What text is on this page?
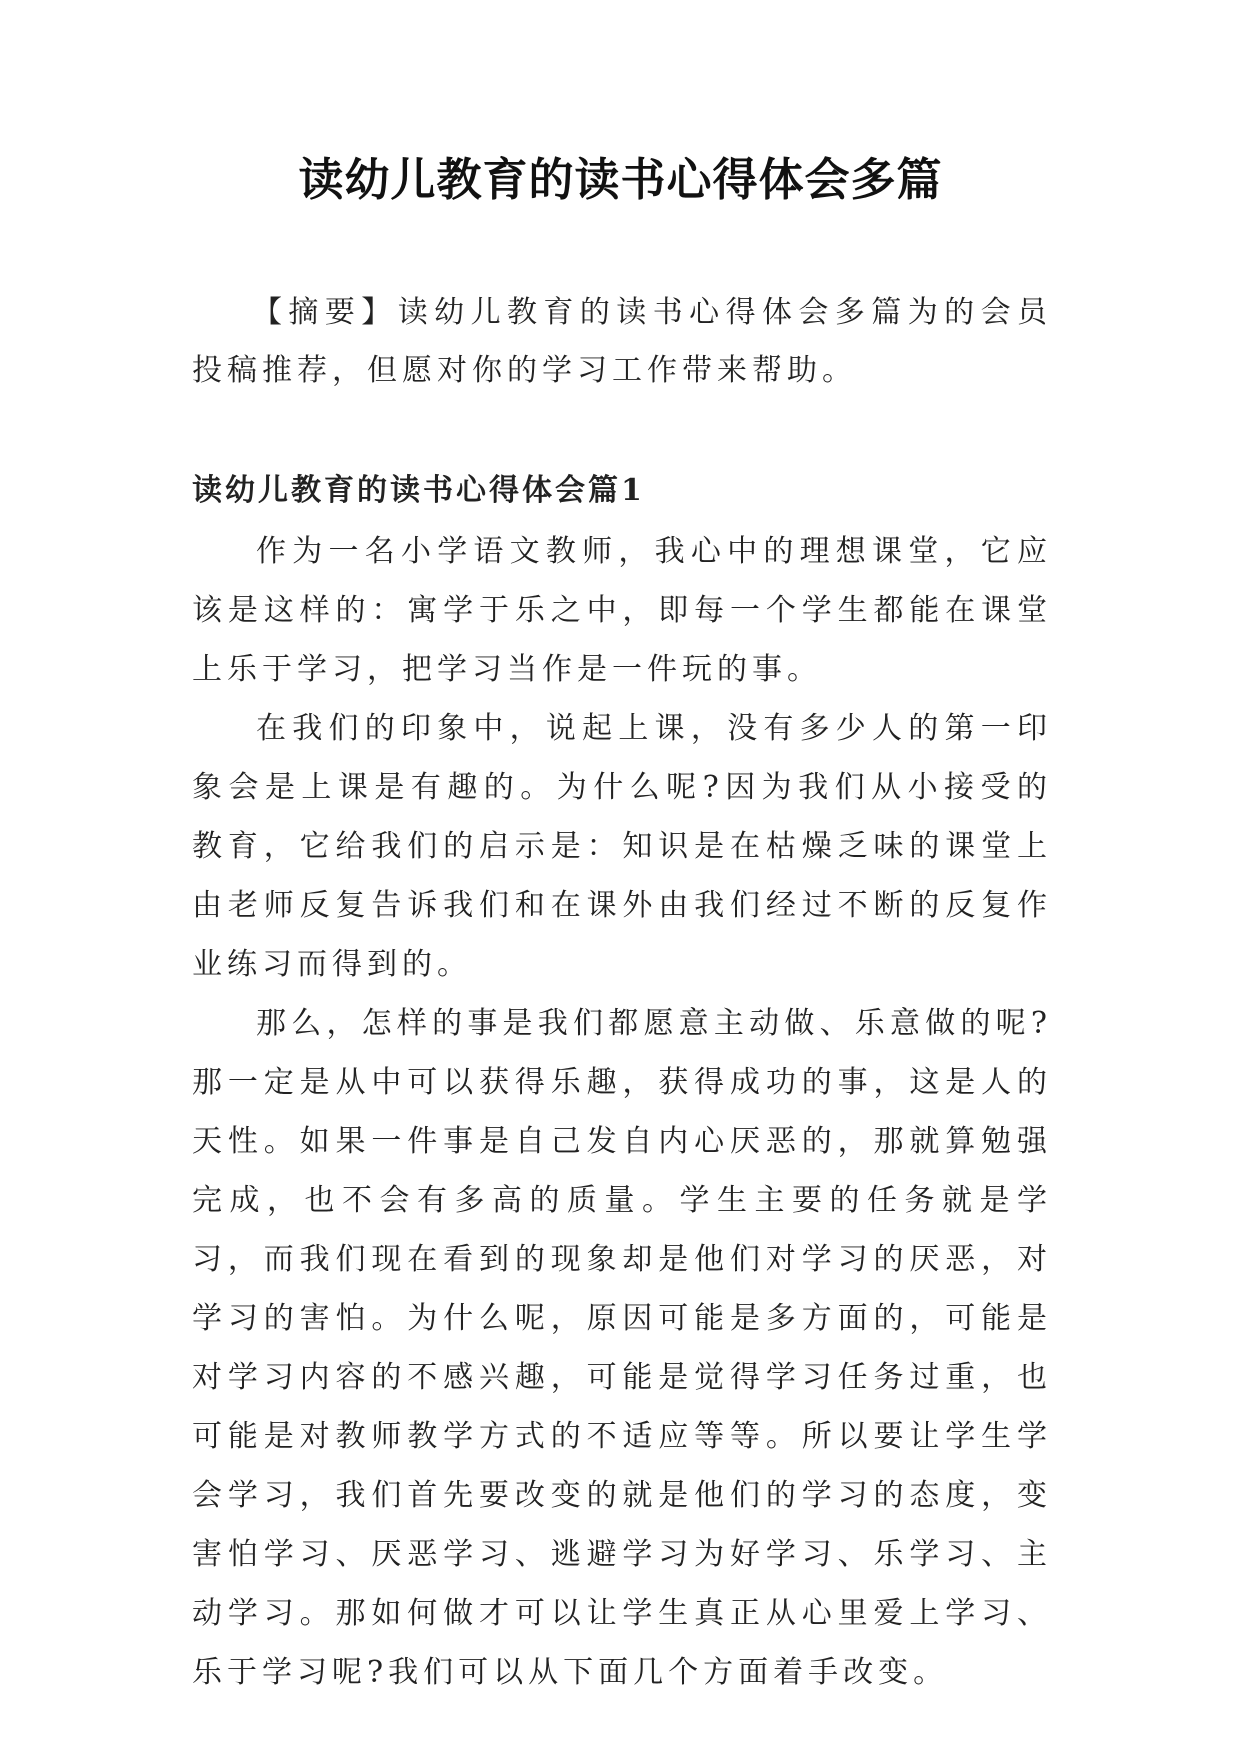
读幼儿教育的读书心得体会多篇

【摘要】读幼儿教育的读书心得体会多篇为的会员投稿推荐，但愿对你的学习工作带来帮助。

读幼儿教育的读书心得体会篇1

作为一名小学语文教师，我心中的理想课堂，它应该是这样的：寓学于乐之中，即每一个学生都能在课堂上乐于学习，把学习当作是一件玩的事。

在我们的印象中，说起上课，没有多少人的第一印象会是上课是有趣的。为什么呢?因为我们从小接受的教育，它给我们的启示是：知识是在枯燥乏味的课堂上由老师反复告诉我们和在课外由我们经过不断的反复作业练习而得到的。

那么，怎样的事是我们都愿意主动做、乐意做的呢?那一定是从中可以获得乐趣，获得成功的事，这是人的天性。如果一件事是自己发自内心厌恶的，那就算勉强完成，也不会有多高的质量。学生主要的任务就是学习，而我们现在看到的现象却是他们对学习的厌恶，对学习的害怕。为什么呢，原因可能是多方面的，可能是对学习内容的不感兴趣，可能是觉得学习任务过重，也可能是对教师教学方式的不适应等等。所以要让学生学会学习，我们首先要改变的就是他们的学习的态度，变害怕学习、厌恶学习、逃避学习为好学习、乐学习、主动学习。那如何做才可以让学生真正从心里爱上学习、乐于学习呢?我们可以从下面几个方面着手改变。
